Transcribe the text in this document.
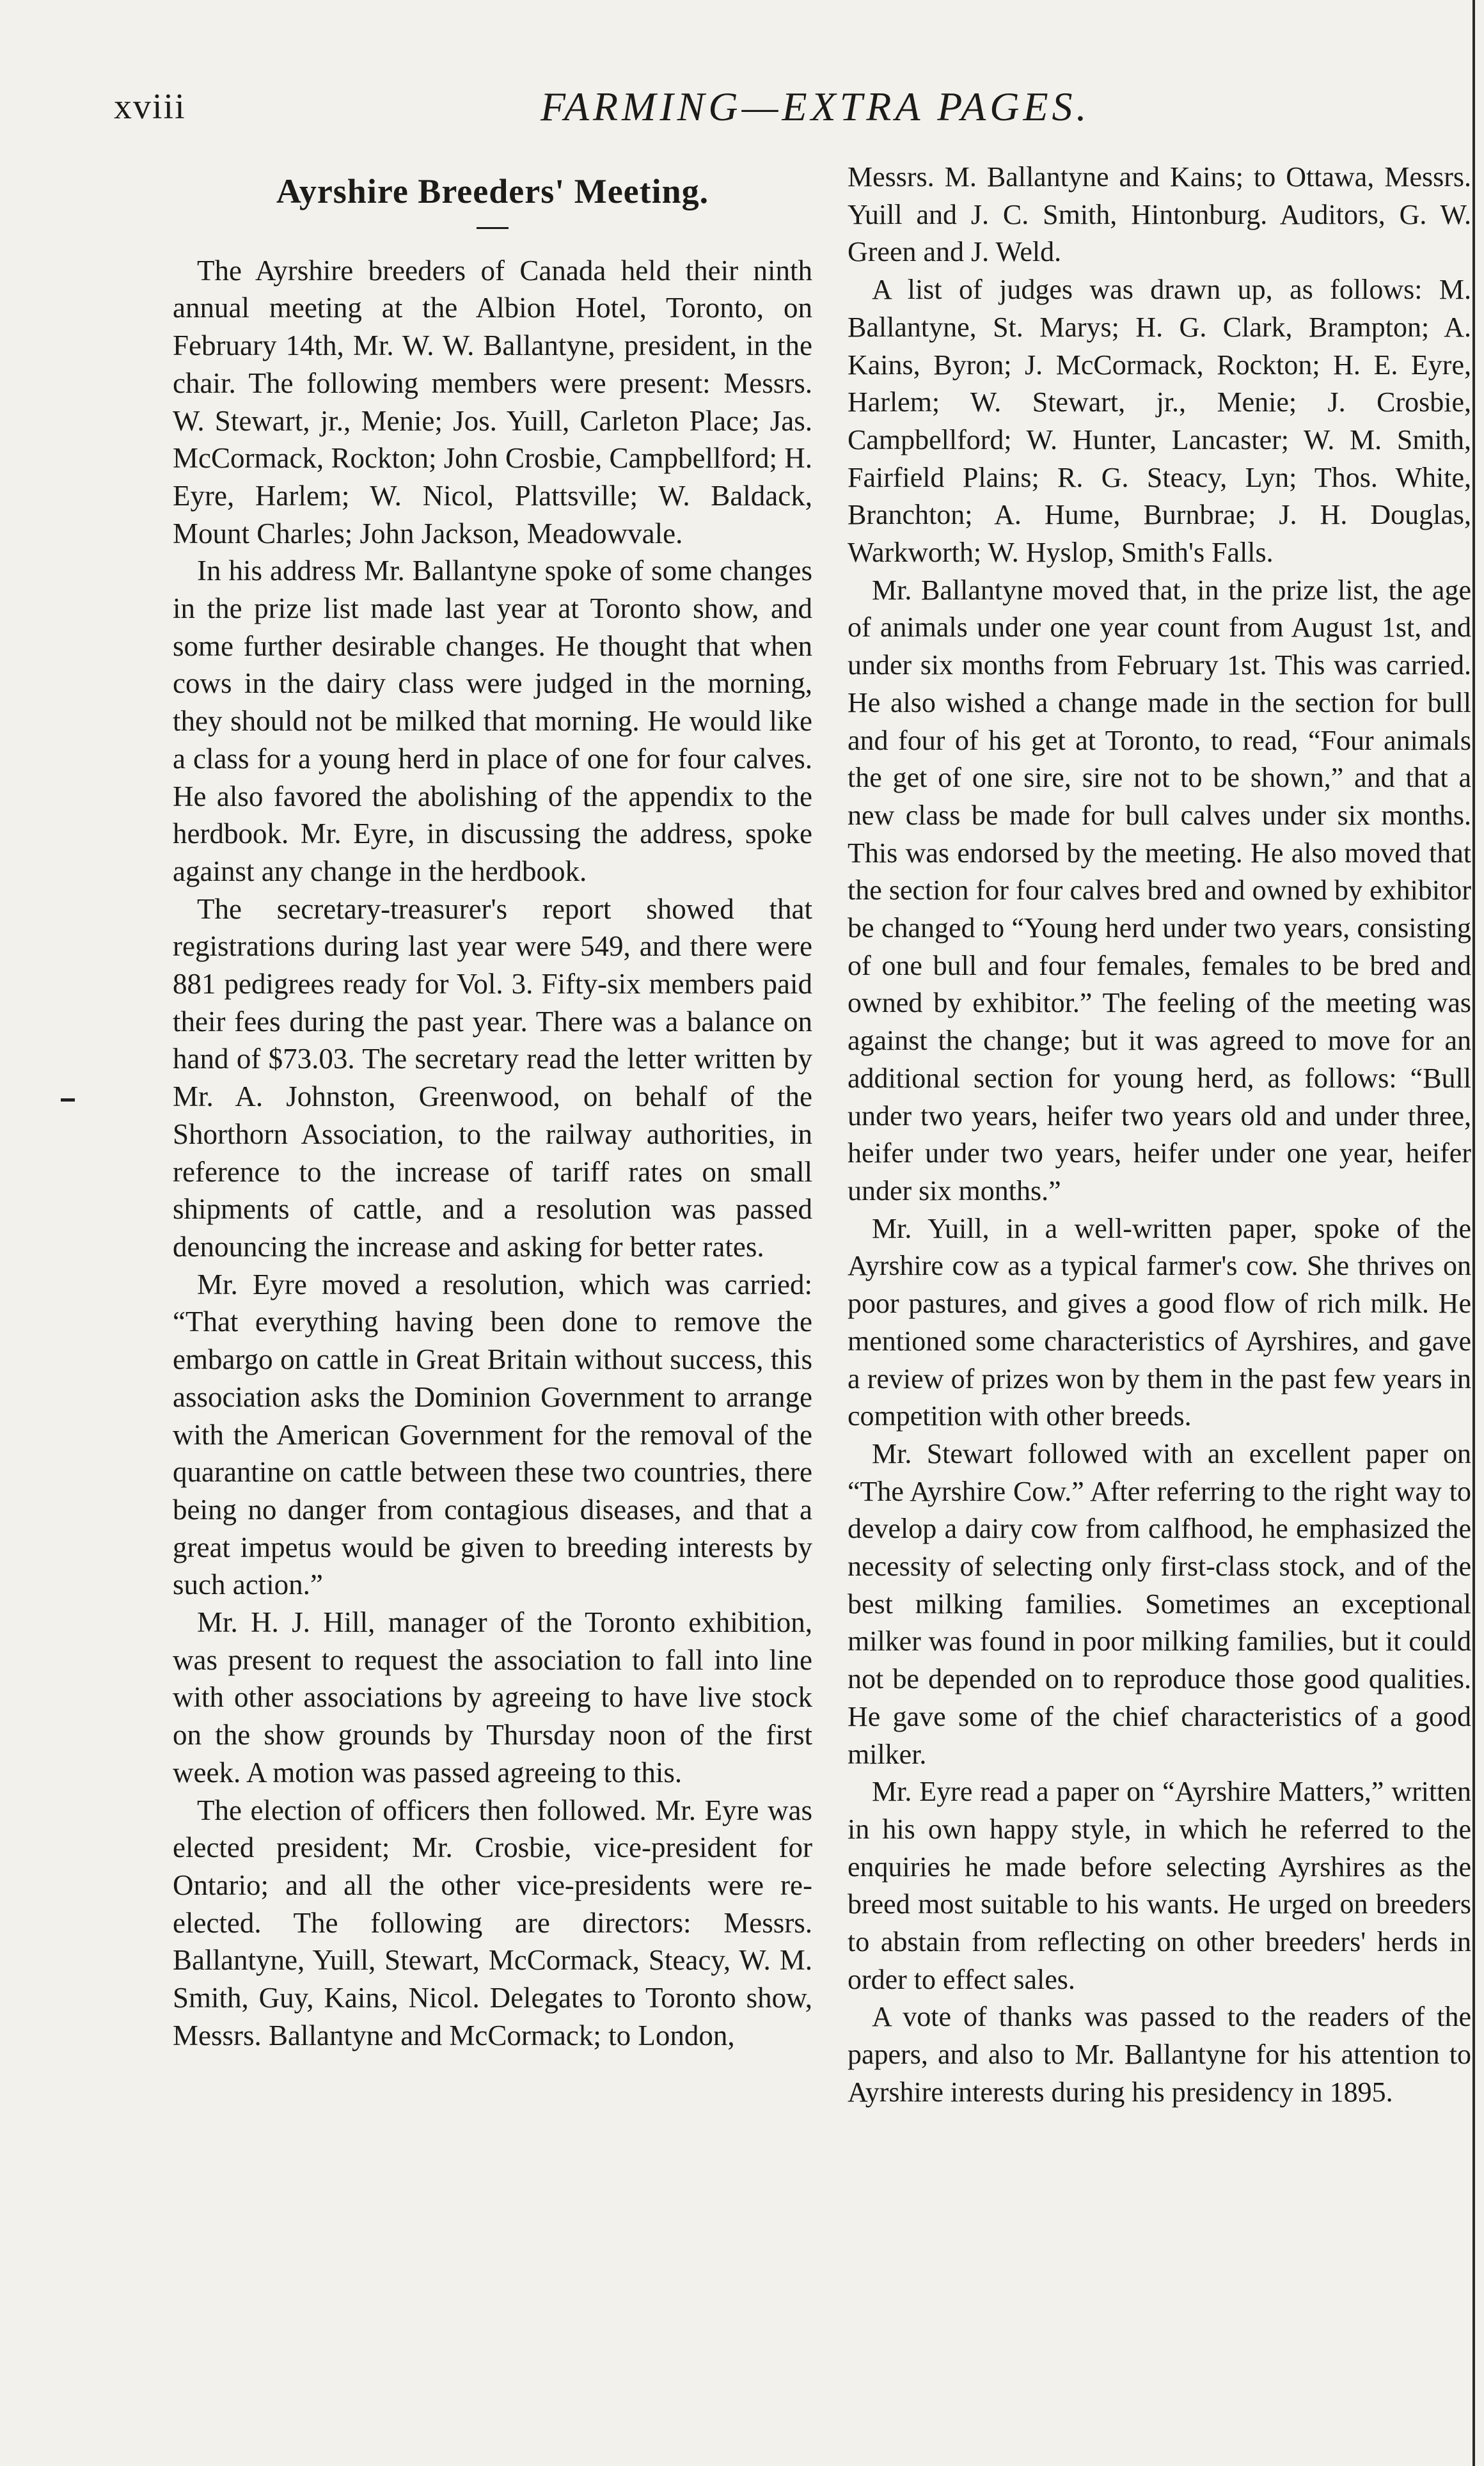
xviii	FARMING—EXTRA PAGES.
Ayrshire Breeders' Meeting.

The Ayrshire breeders of Canada held their ninth annual meeting at the Albion Hotel, Toronto, on February 14th, Mr. W. W. Ballantyne, president, in the chair. The following members were present: Messrs. W. Stewart, jr., Menie; Jos. Yuill, Carleton Place; Jas. McCormack, Rockton; John Crosbie, Campbellford; H. Eyre, Harlem; W. Nicol, Plattsville; W. Baldack, Mount Charles; John Jackson, Meadowvale.

In his address Mr. Ballantyne spoke of some changes in the prize list made last year at Toronto show, and some further desirable changes. He thought that when cows in the dairy class were judged in the morning, they should not be milked that morning. He would like a class for a young herd in place of one for four calves. He also favored the abolishing of the appendix to the herdbook. Mr. Eyre, in discussing the address, spoke against any change in the herdbook.

The secretary-treasurer's report showed that registrations during last year were 549, and there were 881 pedigrees ready for Vol. 3. Fifty-six members paid their fees during the past year. There was a balance on hand of $73.03. The secretary read the letter written by Mr. A. Johnston, Greenwood, on behalf of the Shorthorn Association, to the railway authorities, in reference to the increase of tariff rates on small shipments of cattle, and a resolution was passed denouncing the increase and asking for better rates.

Mr. Eyre moved a resolution, which was carried: “That everything having been done to remove the embargo on cattle in Great Britain without success, this association asks the Dominion Government to arrange with the American Government for the removal of the quarantine on cattle between these two countries, there being no danger from contagious diseases, and that a great impetus would be given to breeding interests by such action.”

Mr. H. J. Hill, manager of the Toronto exhibition, was present to request the association to fall into line with other associations by agreeing to have live stock on the show grounds by Thursday noon of the first week. A motion was passed agreeing to this.

The election of officers then followed. Mr. Eyre was elected president; Mr. Crosbie, vice-president for Ontario; and all the other vice-presidents were re-elected. The following are directors: Messrs. Ballantyne, Yuill, Stewart, McCormack, Steacy, W. M. Smith, Guy, Kains, Nicol. Delegates to Toronto show, Messrs. Ballantyne and McCormack; to London,

Messrs. M. Ballantyne and Kains; to Ottawa, Messrs. Yuill and J. C. Smith, Hintonburg. Auditors, G. W. Green and J. Weld.

A list of judges was drawn up, as follows: M. Ballantyne, St. Marys; H. G. Clark, Brampton; A. Kains, Byron; J. McCormack, Rockton; H. E. Eyre, Harlem; W. Stewart, jr., Menie; J. Crosbie, Campbellford; W. Hunter, Lancaster; W. M. Smith, Fairfield Plains; R. G. Steacy, Lyn; Thos. White, Branchton; A. Hume, Burnbrae; J. H. Douglas, Warkworth; W. Hyslop, Smith's Falls.

Mr. Ballantyne moved that, in the prize list, the age of animals under one year count from August 1st, and under six months from February 1st. This was carried. He also wished a change made in the section for bull and four of his get at Toronto, to read, “Four animals the get of one sire, sire not to be shown,” and that a new class be made for bull calves under six months. This was endorsed by the meeting. He also moved that the section for four calves bred and owned by exhibitor be changed to “Young herd under two years, consisting of one bull and four females, females to be bred and owned by exhibitor.” The feeling of the meeting was against the change; but it was agreed to move for an additional section for young herd, as follows: “Bull under two years, heifer two years old and under three, heifer under two years, heifer under one year, heifer under six months.”

Mr. Yuill, in a well-written paper, spoke of the Ayrshire cow as a typical farmer's cow. She thrives on poor pastures, and gives a good flow of rich milk. He mentioned some characteristics of Ayrshires, and gave a review of prizes won by them in the past few years in competition with other breeds.

Mr. Stewart followed with an excellent paper on “The Ayrshire Cow.” After referring to the right way to develop a dairy cow from calfhood, he emphasized the necessity of selecting only first-class stock, and of the best milking families. Sometimes an exceptional milker was found in poor milking families, but it could not be depended on to reproduce those good qualities. He gave some of the chief characteristics of a good milker.

Mr. Eyre read a paper on “Ayrshire Matters,” written in his own happy style, in which he referred to the enquiries he made before selecting Ayrshires as the breed most suitable to his wants. He urged on breeders to abstain from reflecting on other breeders' herds in order to effect sales.

A vote of thanks was passed to the readers of the papers, and also to Mr. Ballantyne for his attention to Ayrshire interests during his presidency in 1895.
